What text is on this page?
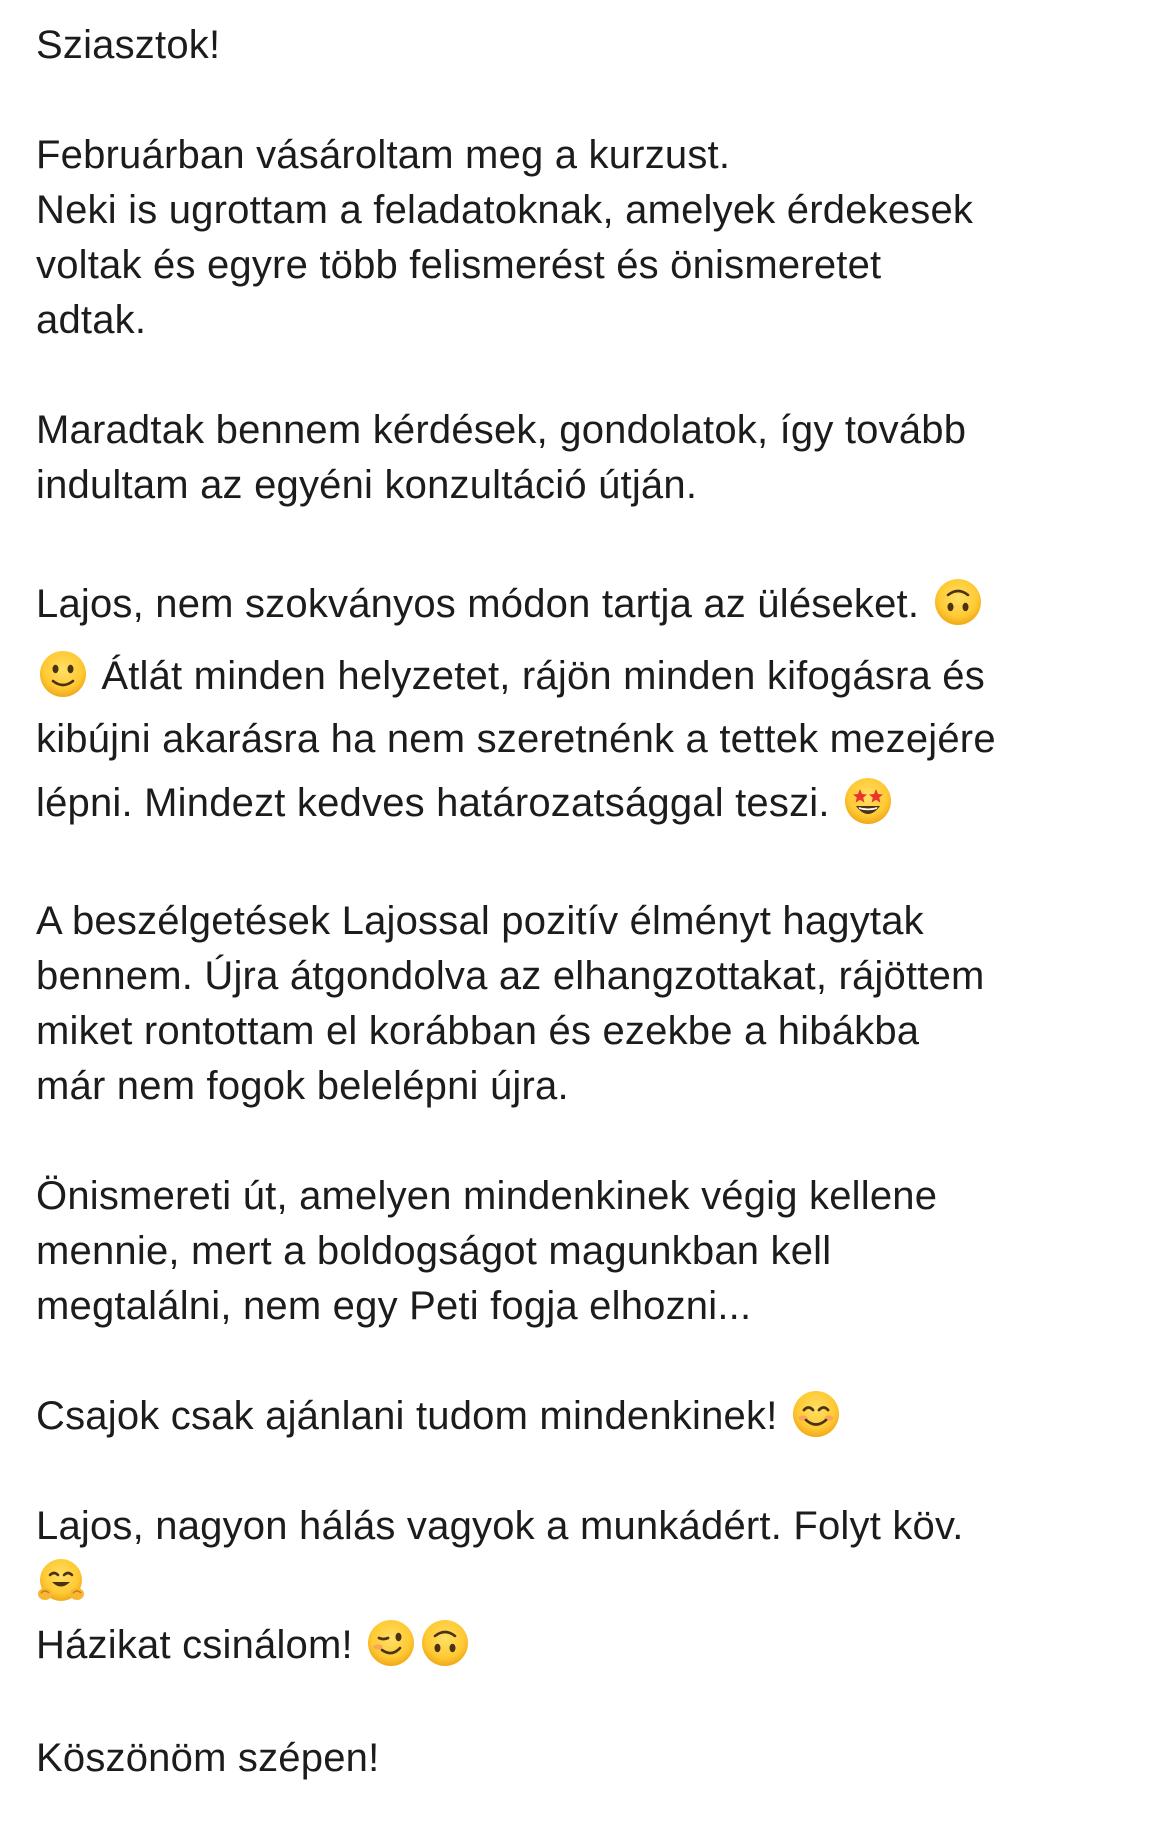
Sziasztok!
Februárban vásároltam meg a kurzust.
Neki is ugrottam a feladatoknak, amelyek érdekesek
voltak és egyre több felismerést és önismeretet
adtak.
Maradtak bennem kérdések, gondolatok, így tovább
indultam az egyéni konzultáció útján.
Lajos, nem szokványos módon tartja az üléseket.
Átlát minden helyzetet, rájön minden kifogásra és
kibújni akarásra ha nem szeretnénk a tettek mezejére
lépni. Mindezt kedves határozatsággal teszi.
A beszélgetések Lajossal pozitív élményt hagytak
bennem. Újra átgondolva az elhangzottakat, rájöttem
miket rontottam el korábban és ezekbe a hibákba
már nem fogok belelépni újra.
Önismereti út, amelyen mindenkinek végig kellene
mennie, mert a boldogságot magunkban kell
megtalálni, nem egy Peti fogja elhozni...
Csajok csak ajánlani tudom mindenkinek!
Lajos, nagyon hálás vagyok a munkádért. Folyt köv.
Házikat csinálom!
Köszönöm szépen!
